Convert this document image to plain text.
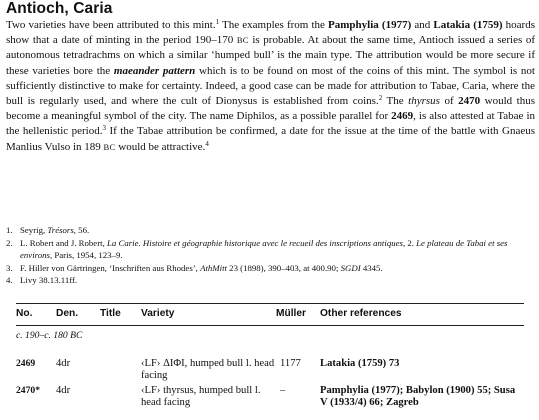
Antioch, Caria

Two varieties have been attributed to this mint.$^1$ The examples from the Pamphylia (1977) and Latakia (1759) hoards show that a date of minting in the period 190–170 BC is probable. At about the same time, Antioch issued a series of autonomous tetradrachms on which a similar ‘humped bull’ is the main type. The attribution would be more secure if these varieties bore the maeander pattern which is to be found on most of the coins of this mint. The symbol is not sufficiently distinctive to make for certainty. Indeed, a good case can be made for attribution to Tabae, Caria, where the bull is regularly used, and where the cult of Dionysus is established from coins.$^2$ The thyrsus of 2470 would thus become a meaningful symbol of the city. The name Diphilos, as a possible parallel for 2469, is also attested at Tabae in the hellenistic period.$^3$ If the Tabae attribution be confirmed, a date for the issue at the time of the battle with Gnaeus Manlius Vulso in 189 BC would be attractive.$^4$

1. Seyrig, Trésors, 56.
2. L. Robert and J. Robert, La Carie. Histoire et géographie historique avec le recueil des inscriptions antiques, 2. Le plateau de Tabai et ses environs, Paris, 1954, 123–9.
3. F. Hiller von Gärtringen, ‘Inschriften aus Rhodes’, AthMitt 23 (1898), 390–403, at 400.90; SGDI 4345.
4. Livy 38.13.11ff.
No.	Den.	Title	Variety	Müller	Other references
c. 190–c. 180 BC					
2469	4dr		‹LF› ΔΙΦΙ, humped bull l. head facing	1177	Latakia (1759) 73
2470*	4dr		‹LF› thyrsus, humped bull l. head facing	–	Pamphylia (1977); Babylon (1900) 55; Susa V (1933/4) 66; Zagreb
